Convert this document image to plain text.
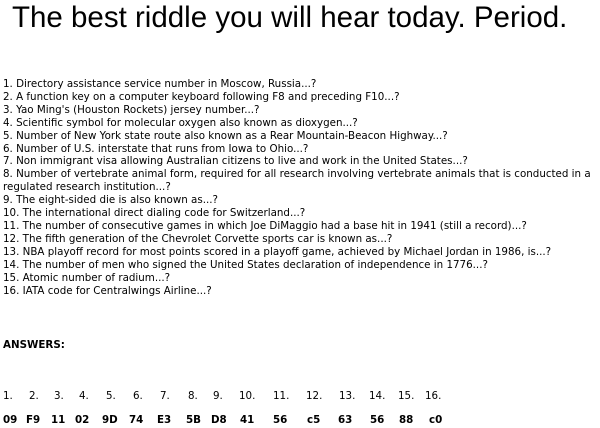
The best riddle you will hear today. Period.
1. Directory assistance service number in Moscow, Russia...?
2. A function key on a computer keyboard following F8 and preceding F10...?
3. Yao Ming's (Houston Rockets) jersey number...?
4. Scientific symbol for molecular oxygen also known as dioxygen...?
5. Number of New York state route also known as a Rear Mountain-Beacon Highway...?
6. Number of U.S. interstate that runs from Iowa to Ohio...?
7. Non immigrant visa allowing Australian citizens to live and work in the United States...?
8. Number of vertebrate animal form, required for all research involving vertebrate animals that is conducted in a regulated research institution...?
9. The eight-sided die is also known as...?
10. The international direct dialing code for Switzerland...?
11. The number of consecutive games in which Joe DiMaggio had a base hit in 1941 (still a record)...?
12. The fifth generation of the Chevrolet Corvette sports car is known as...?
13. NBA playoff record for most points scored in a playoff game, achieved by Michael Jordan in 1986, is...?
14. The number of men who signed the United States declaration of independence in 1776...?
15. Atomic number of radium...?
16. IATA code for Centralwings Airline...?

ANSWERS:

1. 2. 3. 4. 5. 6. 7. 8. 9. 10. 11. 12. 13. 14. 15. 16.
09 F9 11 02 9D 74 E3 5B D8 41 56 c5 63 56 88 c0
